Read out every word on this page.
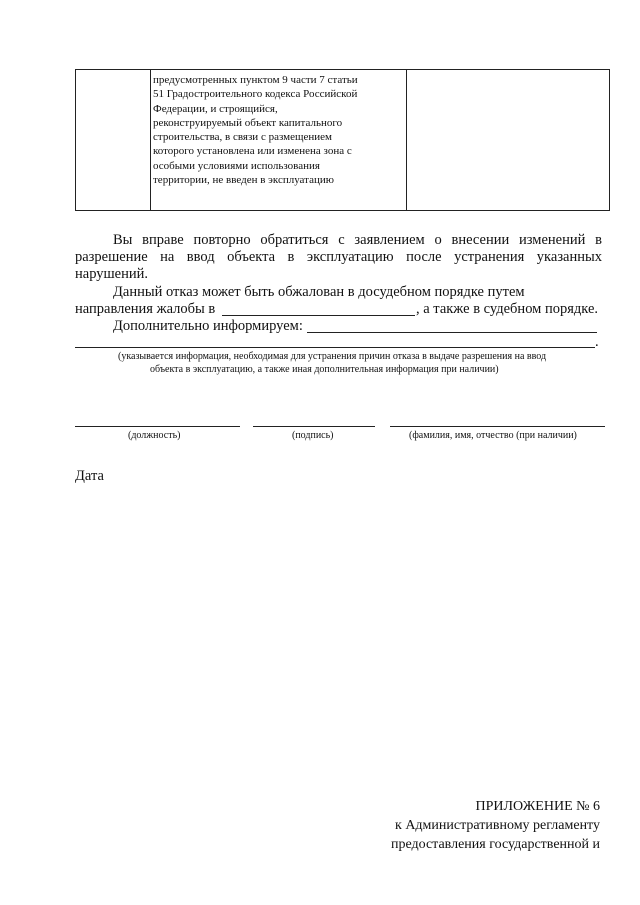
предусмотренных пунктом 9 части 7 статьи
51 Градостроительного кодекса Российской
Федерации, и строящийся,
реконструируемый объект капитального
строительства, в связи с размещением
которого установлена или изменена зона с
особыми условиями использования
территории, не введен в эксплуатацию
Вы вправе повторно обратиться с заявлением о внесении изменений в разрешение на ввод объекта в эксплуатацию после устранения указанных нарушений.
Данный отказ может быть обжалован в досудебном порядке путем
направления жалобы в	, а также в судебном порядке.
Дополнительно информируем:
.
(указывается информация, необходимая для устранения причин отказа в выдаче разрешения на ввод
объекта в эксплуатацию, а также иная дополнительная информация при наличии)
(должность)	(подпись)	(фамилия, имя, отчество (при наличии)
Дата
ПРИЛОЖЕНИЕ № 6
к Административному регламенту
предоставления государственной и
